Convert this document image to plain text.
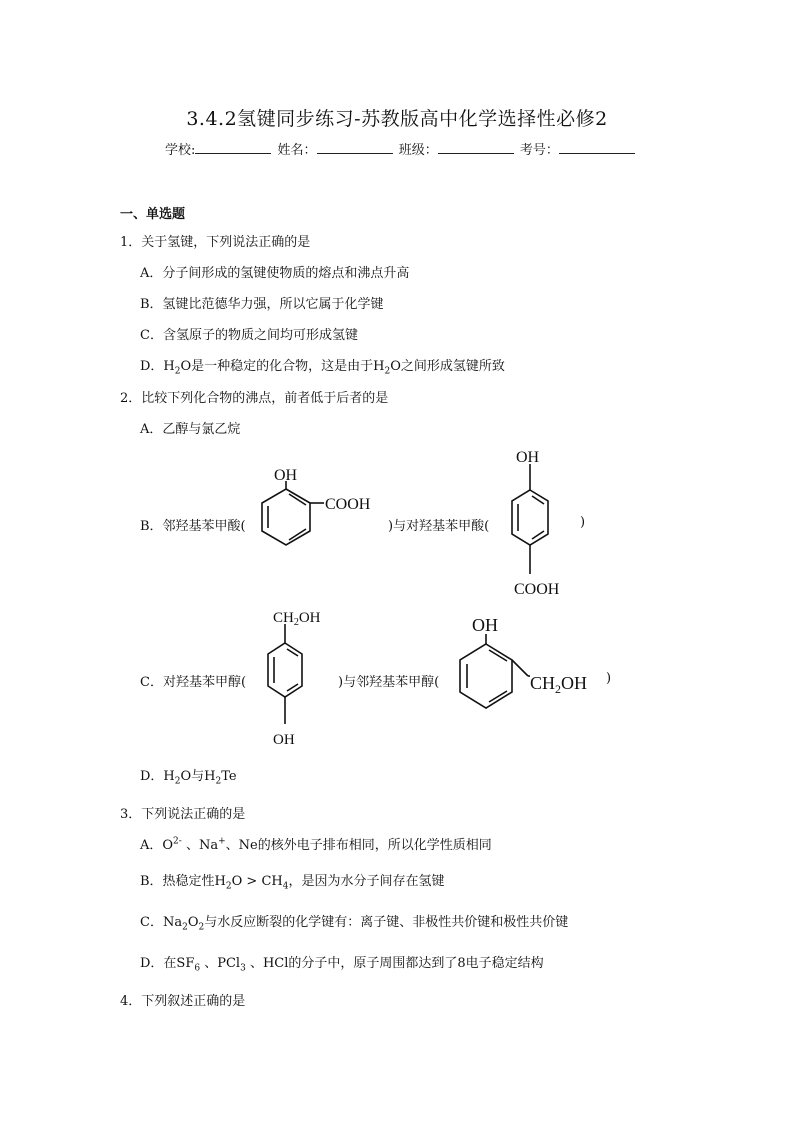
3.4.2氢键同步练习-苏教版高中化学选择性必修2
学校:	姓名：	班级：	考号：
一、单选题
1．关于氢键，下列说法正确的是
A．分子间形成的氢键使物质的熔点和沸点升高
B．氢键比范德华力强，所以它属于化学键
C．含氢原子的物质之间均可形成氢键
D．$H_2O$是一种稳定的化合物，这是由于$H_2O$之间形成氢键所致
2．比较下列化合物的沸点，前者低于后者的是
A．乙醇与氯乙烷
B．邻羟基苯甲酸(	)与对羟基苯甲酸(	)
OH
COOH
OH
COOH
C．对羟基苯甲醇(	)与邻羟基苯甲醇(	)
$CH_2OH$
OH
OH
$CH_2OH$
D．$H_2O$与$H_2Te$
3．下列说法正确的是
A．$O^{2-}$ 、Na+、Ne的核外电子排布相同，所以化学性质相同
B．热稳定性$H_2O > CH_4$，是因为水分子间存在氢键
C．$Na_2O_2$与水反应断裂的化学键有：离子键、非极性共价键和极性共价键
D．在$SF_6$ 、PCl$_3$ 、HCl的分子中，原子周围都达到了8电子稳定结构
4．下列叙述正确的是
